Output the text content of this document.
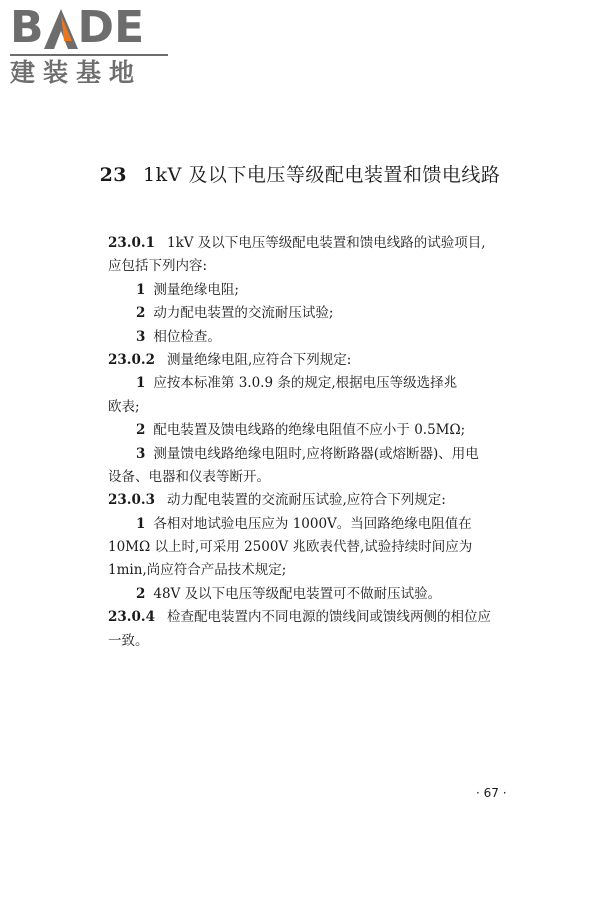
B DE
建装基地
23 1kV 及以下电压等级配电装置和馈电线路
23.0.1 1kV 及以下电压等级配电装置和馈电线路的试验项目,
应包括下列内容:
1 测量绝缘电阻;
2 动力配电装置的交流耐压试验;
3 相位检查。
23.0.2 测量绝缘电阻,应符合下列规定:
1 应按本标准第 3.0.9 条的规定,根据电压等级选择兆
欧表;
2 配电装置及馈电线路的绝缘电阻值不应小于 0.5MΩ;
3 测量馈电线路绝缘电阻时,应将断路器(或熔断器)、用电
设备、电器和仪表等断开。
23.0.3 动力配电装置的交流耐压试验,应符合下列规定:
1 各相对地试验电压应为 1000V。当回路绝缘电阻值在
10MΩ 以上时,可采用 2500V 兆欧表代替,试验持续时间应为
1min,尚应符合产品技术规定;
2 48V 及以下电压等级配电装置可不做耐压试验。
23.0.4 检查配电装置内不同电源的馈线间或馈线两侧的相位应
一致。
· 67 ·
